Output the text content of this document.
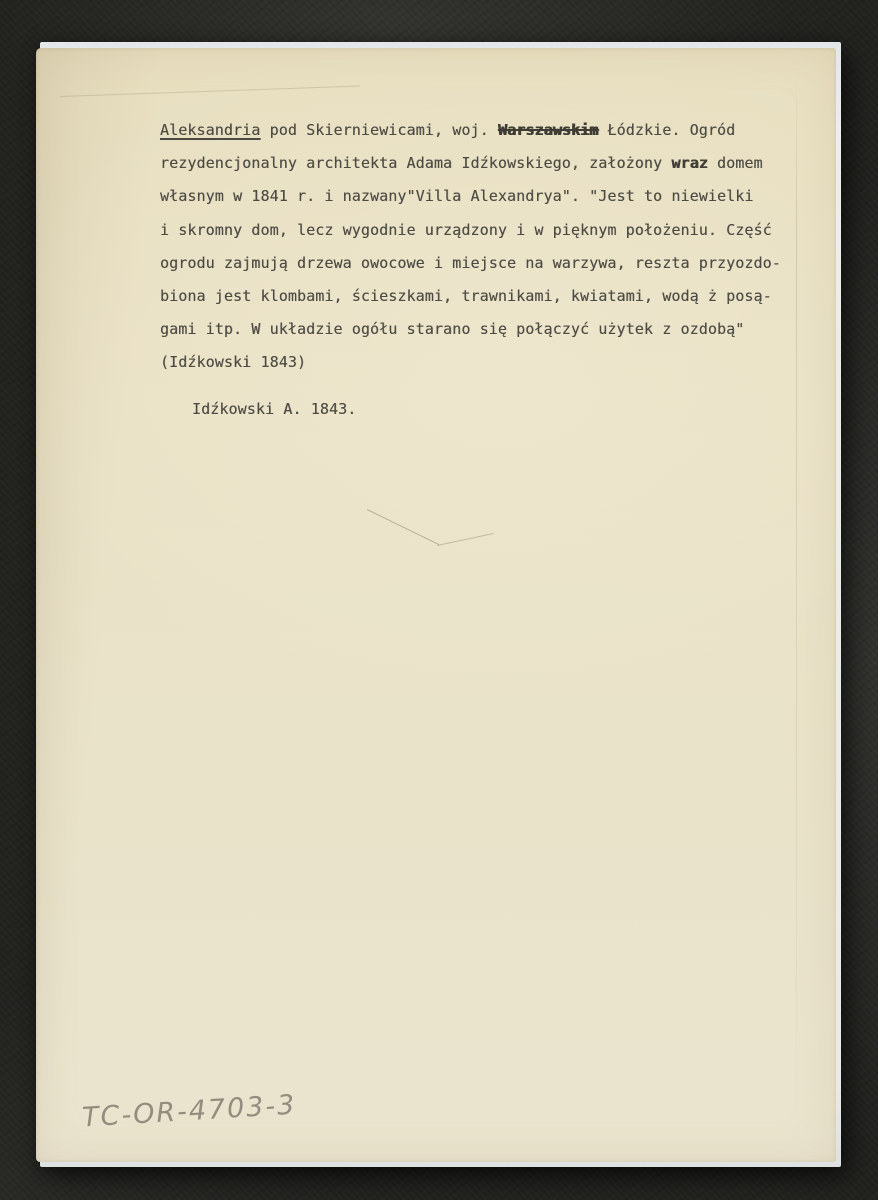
Aleksandria pod Skierniewicami, woj. Warszawskim Łódzkie. Ogród
rezydencjonalny architekta Adama Idźkowskiego, założony wraz domem
własnym w 1841 r. i nazwany"Villa Alexandrya". "Jest to niewielki
i skromny dom, lecz wygodnie urządzony i w pięknym położeniu. Część
ogrodu zajmują drzewa owocowe i miejsce na warzywa, reszta przyozdo-
biona jest klombami, ścieszkami, trawnikami, kwiatami, wodą ż posą-
gami itp. W układzie ogółu starano się połączyć użytek z ozdobą"
(Idźkowski 1843)
Idźkowski A. 1843.
TC-OR-4703-3
